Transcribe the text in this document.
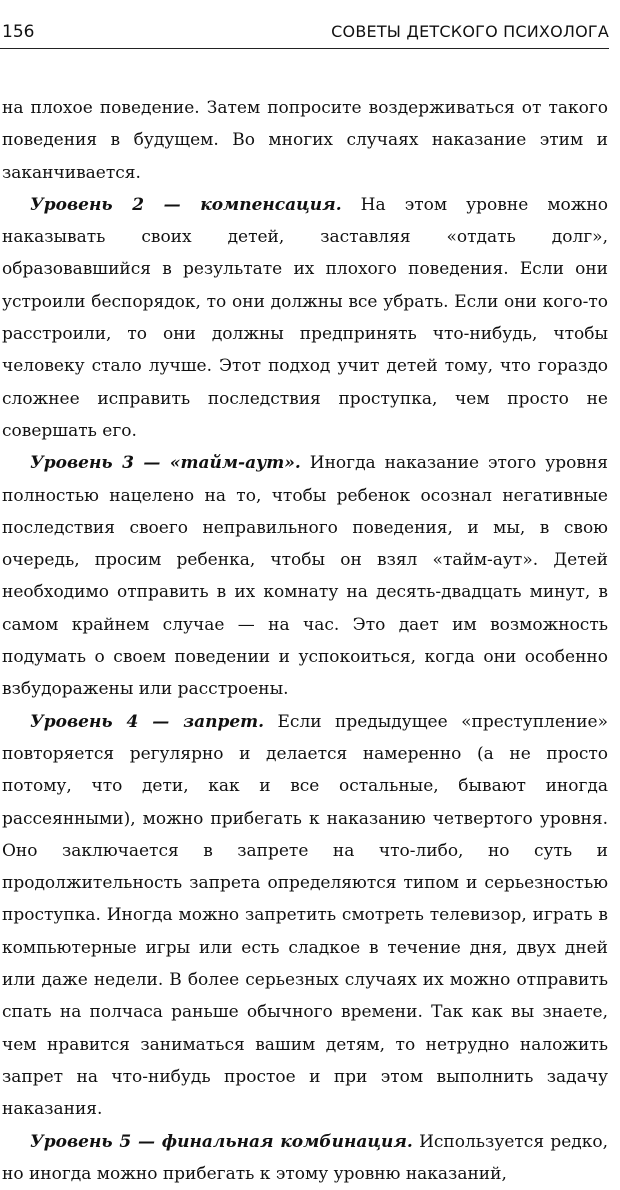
156	СОВЕТЫ ДЕТСКОГО ПСИХОЛОГА

на плохое поведение. Затем попросите воздерживаться от такого поведения в будущем. Во многих случаях наказание этим и заканчивается.

Уровень 2 — компенсация. На этом уровне можно наказывать своих детей, заставляя «отдать долг», образовавшийся в результате их плохого поведения. Если они устроили беспорядок, то они должны все убрать. Если они кого-то расстроили, то они должны предпринять что-нибудь, чтобы человеку стало лучше. Этот подход учит детей тому, что гораздо сложнее исправить последствия проступка, чем просто не совершать его.

Уровень 3 — «тайм-аут». Иногда наказание этого уровня полностью нацелено на то, чтобы ребенок осознал негативные последствия своего неправильного поведения, и мы, в свою очередь, просим ребенка, чтобы он взял «тайм-аут». Детей необходимо отправить в их комнату на десять-двадцать минут, в самом крайнем случае — на час. Это дает им возможность подумать о своем поведении и успокоиться, когда они особенно взбудоражены или расстроены.

Уровень 4 — запрет. Если предыдущее «преступление» повторяется регулярно и делается намеренно (а не просто потому, что дети, как и все остальные, бывают иногда рассеянными), можно прибегать к наказанию четвертого уровня. Оно заключается в запрете на что-либо, но суть и продолжительность запрета определяются типом и серьезностью проступка. Иногда можно запретить смотреть телевизор, играть в компьютерные игры или есть сладкое в течение дня, двух дней или даже недели. В более серьезных случаях их можно отправить спать на полчаса раньше обычного времени. Так как вы знаете, чем нравится заниматься вашим детям, то нетрудно наложить запрет на что-нибудь простое и при этом выполнить задачу наказания.

Уровень 5 — финальная комбинация. Используется редко, но иногда можно прибегать к этому уровню наказаний,
